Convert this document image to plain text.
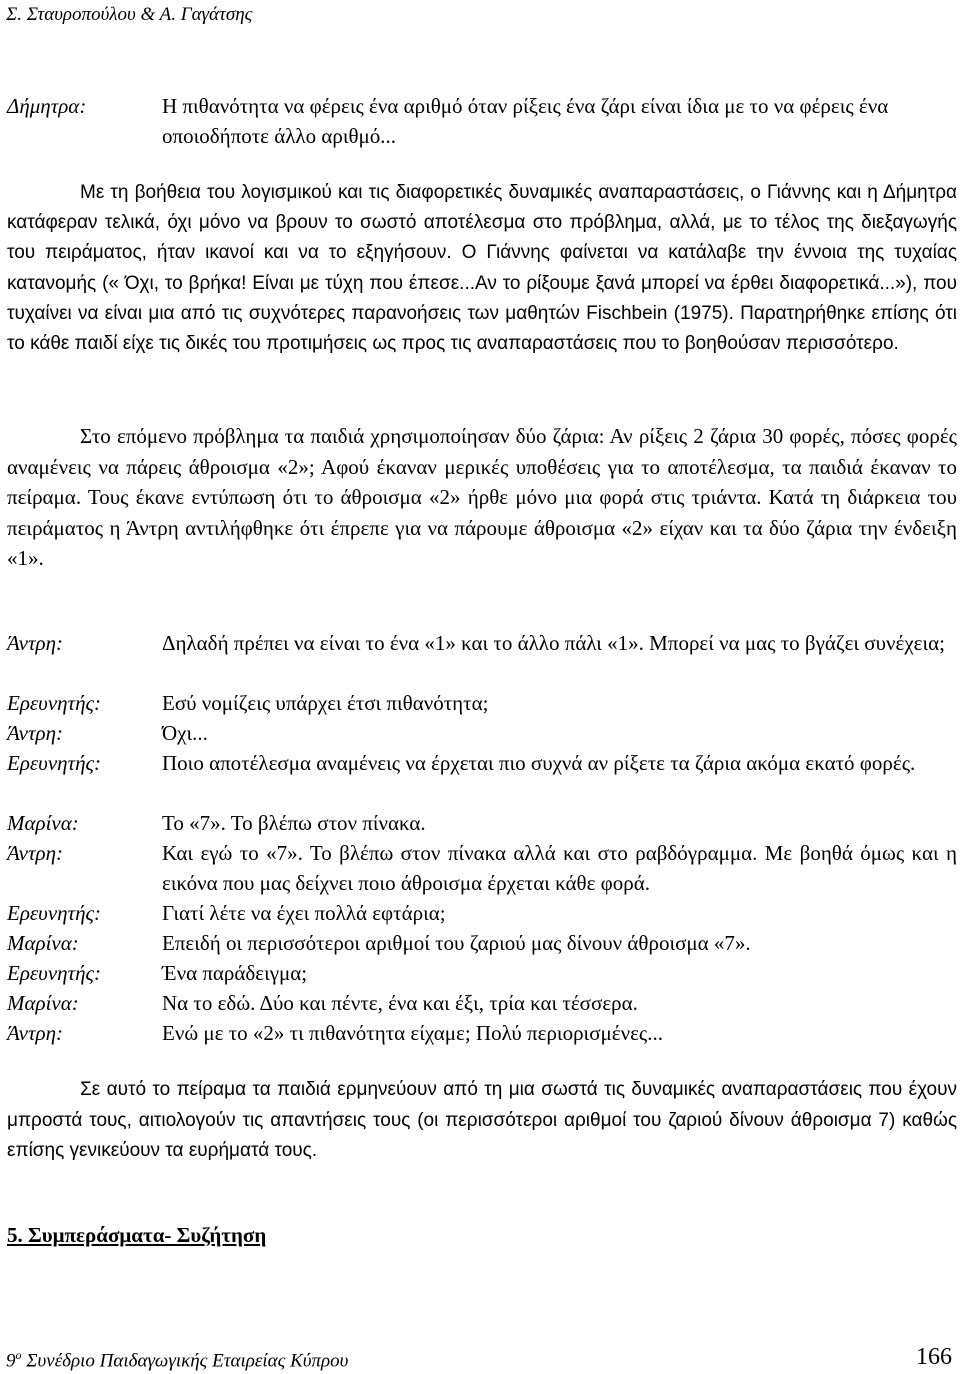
Σ. Σταυροπούλου & Α. Γαγάτσης
Δήμητρα:	Η πιθανότητα να φέρεις ένα αριθμό όταν ρίξεις ένα ζάρι είναι ίδια με το να φέρεις ένα οποιοδήποτε άλλο αριθμό...
Με τη βοήθεια του λογισμικού και τις διαφορετικές δυναμικές αναπαραστάσεις, ο Γιάννης και η Δήμητρα κατάφεραν τελικά, όχι μόνο να βρουν το σωστό αποτέλεσμα στο πρόβλημα, αλλά, με το τέλος της διεξαγωγής του πειράματος, ήταν ικανοί και να το εξηγήσουν. Ο Γιάννης φαίνεται να κατάλαβε την έννοια της τυχαίας κατανομής (« Όχι, το βρήκα! Είναι με τύχη που έπεσε...Αν το ρίξουμε ξανά μπορεί να έρθει διαφορετικά...»), που τυχαίνει να είναι μια από τις συχνότερες παρανοήσεις των μαθητών Fischbein (1975). Παρατηρήθηκε επίσης ότι το κάθε παιδί είχε τις δικές του προτιμήσεις ως προς τις αναπαραστάσεις που το βοηθούσαν περισσότερο.
Στο επόμενο πρόβλημα τα παιδιά χρησιμοποίησαν δύο ζάρια: Αν ρίξεις 2 ζάρια 30 φορές, πόσες φορές αναμένεις να πάρεις άθροισμα «2»; Αφού έκαναν μερικές υποθέσεις για το αποτέλεσμα, τα παιδιά έκαναν το πείραμα. Τους έκανε εντύπωση ότι το άθροισμα «2» ήρθε μόνο μια φορά στις τριάντα. Κατά τη διάρκεια του πειράματος η Άντρη αντιλήφθηκε ότι έπρεπε για να πάρουμε άθροισμα «2» είχαν και τα δύο ζάρια την ένδειξη «1».
Άντρη:	Δηλαδή πρέπει να είναι το ένα «1» και το άλλο πάλι «1». Μπορεί να μας το βγάζει συνέχεια;
Ερευνητής:	Εσύ νομίζεις υπάρχει έτσι πιθανότητα;
Άντρη:	Όχι...
Ερευνητής:	Ποιο αποτέλεσμα αναμένεις να έρχεται πιο συχνά αν ρίξετε τα ζάρια ακόμα εκατό φορές.
Μαρίνα:	Το «7». Το βλέπω στον πίνακα.
Άντρη:	Και εγώ το «7». Το βλέπω στον πίνακα αλλά και στο ραβδόγραμμα. Με βοηθά όμως και η εικόνα που μας δείχνει ποιο άθροισμα έρχεται κάθε φορά.
Ερευνητής:	Γιατί λέτε να έχει πολλά εφτάρια;
Μαρίνα:	Επειδή οι περισσότεροι αριθμοί του ζαριού μας δίνουν άθροισμα «7».
Ερευνητής:	Ένα παράδειγμα;
Μαρίνα:	Να το εδώ. Δύο και πέντε, ένα και έξι, τρία και τέσσερα.
Άντρη:	Ενώ με το «2» τι πιθανότητα είχαμε; Πολύ περιορισμένες...
Σε αυτό το πείραμα τα παιδιά ερμηνεύουν από τη μια σωστά τις δυναμικές αναπαραστάσεις που έχουν μπροστά τους, αιτιολογούν τις απαντήσεις τους (οι περισσότεροι αριθμοί του ζαριού δίνουν άθροισμα 7) καθώς επίσης γενικεύουν τα ευρήματά τους.
5. Συμπεράσματα- Συζήτηση
$9^o$ Συνέδριο Παιδαγωγικής Εταιρείας Κύπρου	166
